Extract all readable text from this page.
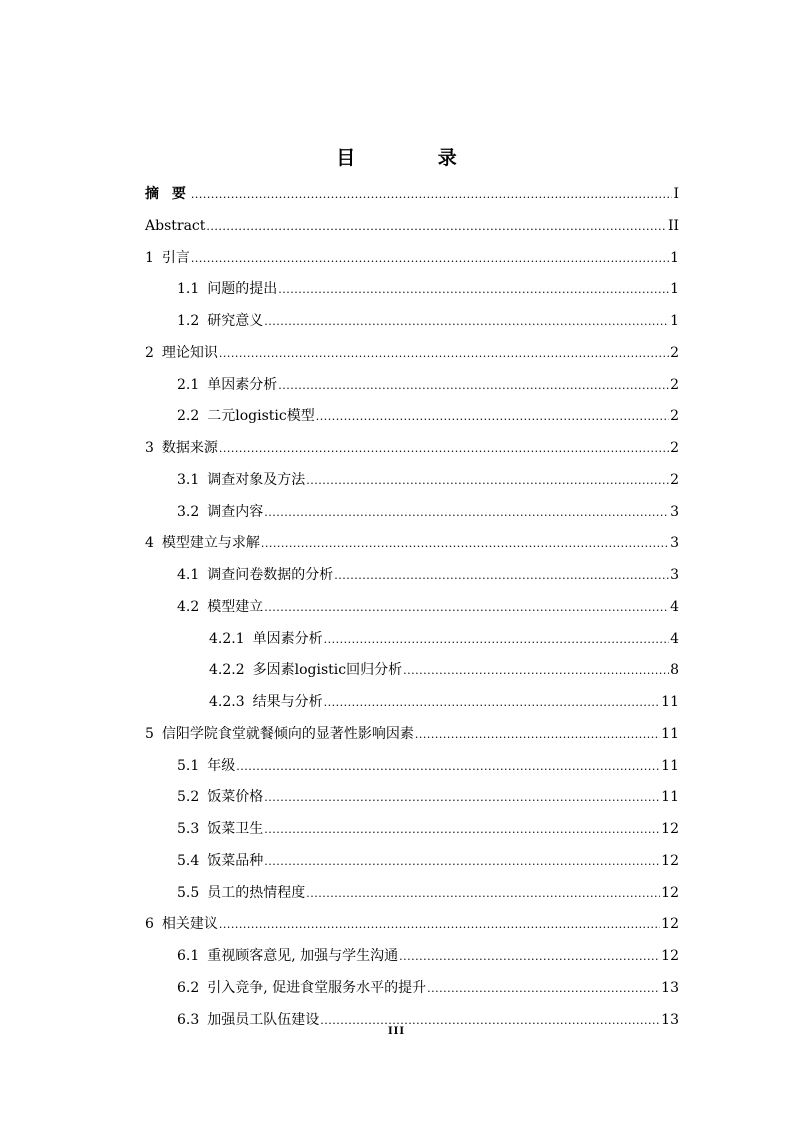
目 录
摘 要 .....	I
Abstract .....	II
1 引言 .....	1
1.1 问题的提出 .....	1
1.2 研究意义 .....	1
2 理论知识 .....	2
2.1 单因素分析 .....	2
2.2 二元logistic模型 .....	2
3 数据来源 .....	2
3.1 调查对象及方法 .....	2
3.2 调查内容 .....	3
4 模型建立与求解 .....	3
4.1 调查问卷数据的分析 .....	3
4.2 模型建立 .....	4
4.2.1 单因素分析 .....	4
4.2.2 多因素logistic回归分析 .....	8
4.2.3 结果与分析 .....	11
5 信阳学院食堂就餐倾向的显著性影响因素 .....	11
5.1 年级 .....	11
5.2 饭菜价格 .....	11
5.3 饭菜卫生 .....	12
5.4 饭菜品种 .....	12
5.5 员工的热情程度 .....	12
6 相关建议 .....	12
6.1 重视顾客意见, 加强与学生沟通 .....	12
6.2 引入竞争, 促进食堂服务水平的提升 .....	13
6.3 加强员工队伍建设 .....	13
III
